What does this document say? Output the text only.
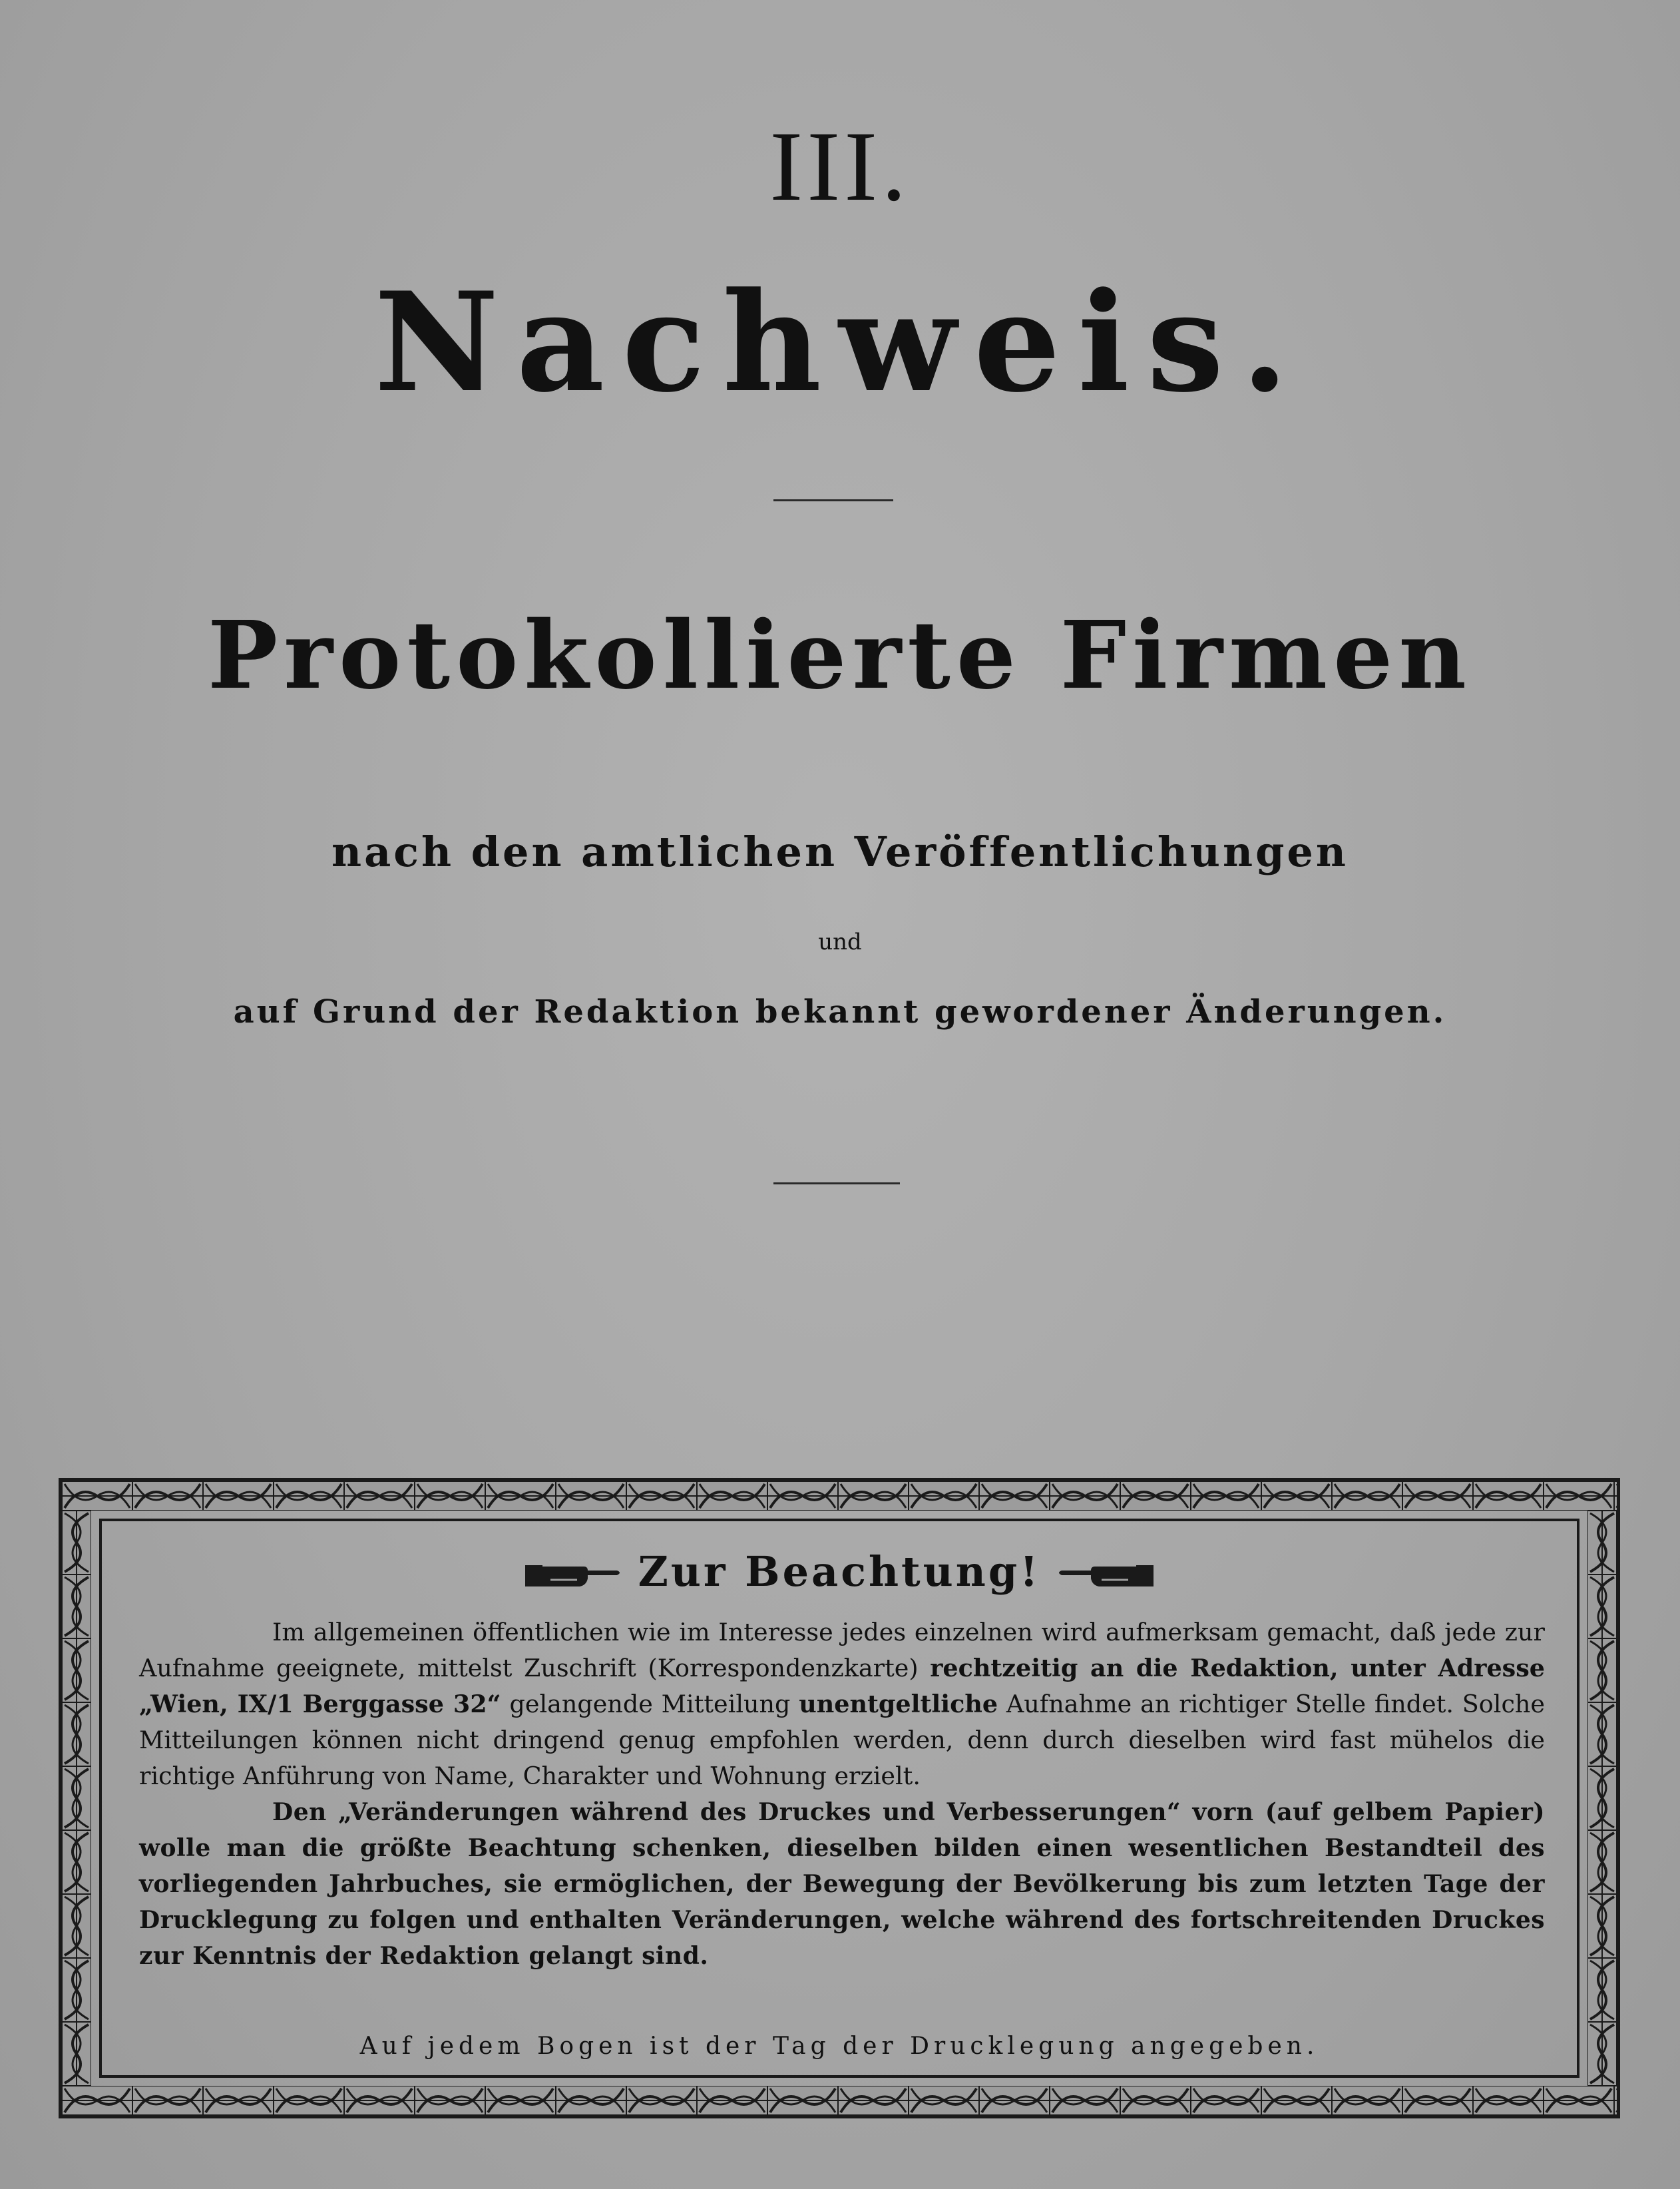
III.
Nachweis.
Protokollierte Firmen
nach den amtlichen Veröffentlichungen
und
auf Grund der Redaktion bekannt gewordener Änderungen.
Zur Beachtung!

Im allgemeinen öffentlichen wie im Interesse jedes einzelnen wird aufmerksam gemacht, daß jede zur Aufnahme geeignete, mittelst Zuschrift (Korrespondenzkarte) rechtzeitig an die Redaktion, unter Adresse „Wien, IX/1 Berggasse 32“ gelangende Mitteilung unentgeltliche Aufnahme an richtiger Stelle findet. Solche Mitteilungen können nicht dringend genug empfohlen werden, denn durch dieselben wird fast mühelos die richtige Anführung von Name, Charakter und Wohnung erzielt.

Den „Veränderungen während des Druckes und Verbesserungen“ vorn (auf gelbem Papier) wolle man die größte Beachtung schenken, dieselben bilden einen wesentlichen Bestandteil des vorliegenden Jahrbuches, sie ermöglichen, der Bewegung der Bevölkerung bis zum letzten Tage der Drucklegung zu folgen und enthalten Veränderungen, welche während des fortschreitenden Druckes zur Kenntnis der Redaktion gelangt sind.

Auf jedem Bogen ist der Tag der Drucklegung angegeben.
